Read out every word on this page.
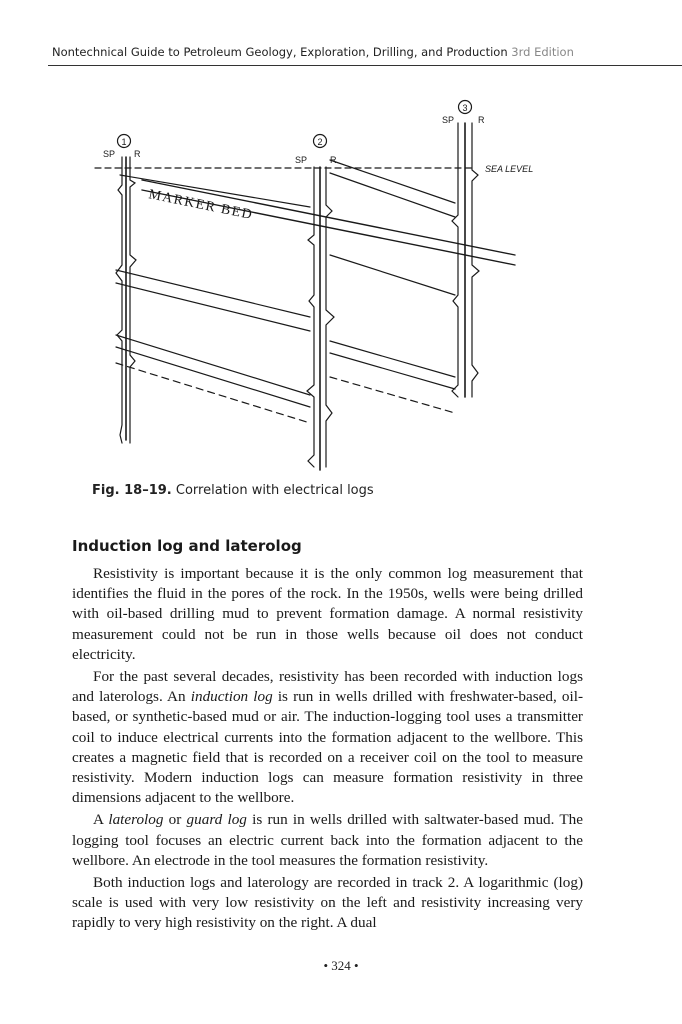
Nontechnical Guide to Petroleum Geology, Exploration, Drilling, and Production 3rd Edition
1	2
3
SP R
SP	R
SP	R
SEA LEVEL
MARKER BED
Fig. 18–19. Correlation with electrical logs
Induction log and laterolog

Resistivity is important because it is the only common log measurement that identifies the fluid in the pores of the rock. In the 1950s, wells were being drilled with oil-based drilling mud to prevent formation damage. A normal resistivity measurement could not be run in those wells because oil does not conduct electricity.

For the past several decades, resistivity has been recorded with induction logs and laterologs. An induction log is run in wells drilled with freshwater-based, oil-based, or synthetic-based mud or air. The induction-logging tool uses a transmitter coil to induce electrical currents into the formation adjacent to the wellbore. This creates a magnetic field that is recorded on a receiver coil on the tool to measure resistivity. Modern induction logs can measure formation resistivity in three dimensions adjacent to the wellbore.

A laterolog or guard log is run in wells drilled with saltwater-based mud. The logging tool focuses an electric current back into the formation adjacent to the wellbore. An electrode in the tool measures the formation resistivity.

Both induction logs and laterology are recorded in track 2. A logarithmic (log) scale is used with very low resistivity on the left and resistivity increasing very rapidly to very high resistivity on the right. A dual

• 324 •
